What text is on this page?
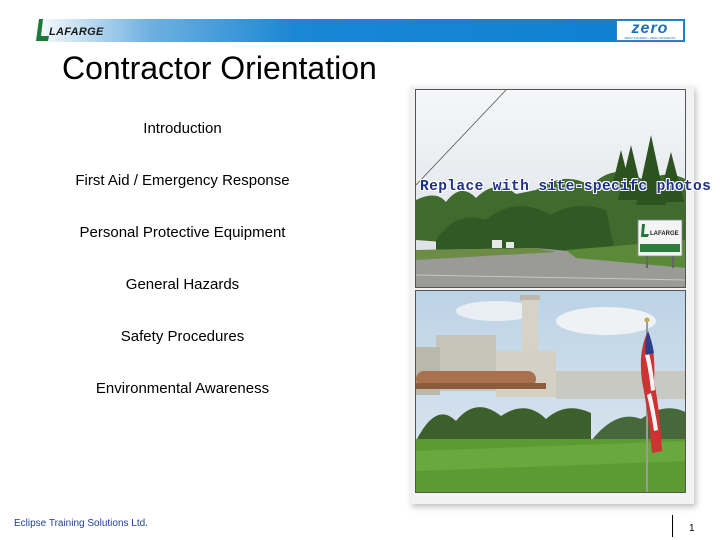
LAFARGE	zero
ZERO INJURIES • ZERO INCIDENTS
Contractor Orientation
Introduction
First Aid / Emergency Response
Personal Protective Equipment
General Hazards
Safety Procedures
Environmental Awareness
LAFARGE
Replace with site-specifc photos
Eclipse Training Solutions Ltd.	1
